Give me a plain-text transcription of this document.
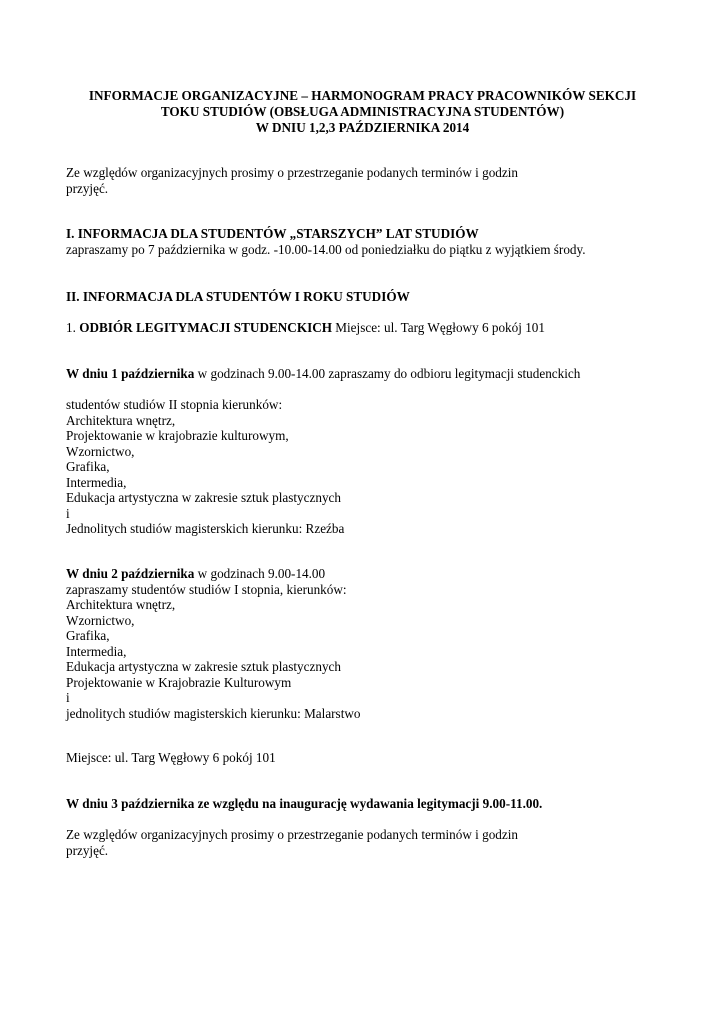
INFORMACJE ORGANIZACYJNE – HARMONOGRAM PRACY PRACOWNIKÓW SEKCJI
TOKU STUDIÓW (OBSŁUGA ADMINISTRACYJNA STUDENTÓW)
W DNIU 1,2,3 PAŹDZIERNIKA 2014
Ze względów organizacyjnych prosimy o przestrzeganie podanych terminów i godzin
przyjęć.
I. INFORMACJA DLA STUDENTÓW „STARSZYCH” LAT STUDIÓW
zapraszamy po 7 października w godz. -10.00-14.00 od poniedziałku do piątku z wyjątkiem środy.
II. INFORMACJA DLA STUDENTÓW I ROKU STUDIÓW
1. ODBIÓR LEGITYMACJI STUDENCKICH Miejsce: ul. Targ Węgłowy 6 pokój 101
W dniu 1 października w godzinach 9.00-14.00 zapraszamy do odbioru legitymacji studenckich
studentów studiów II stopnia kierunków:
Architektura wnętrz,
Projektowanie w krajobrazie kulturowym,
Wzornictwo,
Grafika,
Intermedia,
Edukacja artystyczna w zakresie sztuk plastycznych
i
Jednolitych studiów magisterskich kierunku: Rzeźba
W dniu 2 października w godzinach 9.00-14.00
zapraszamy studentów studiów I stopnia, kierunków:
Architektura wnętrz,
Wzornictwo,
Grafika,
Intermedia,
Edukacja artystyczna w zakresie sztuk plastycznych
Projektowanie w Krajobrazie Kulturowym
i
jednolitych studiów magisterskich kierunku: Malarstwo
Miejsce: ul. Targ Węgłowy 6 pokój 101
W dniu 3 października ze względu na inaugurację wydawania legitymacji 9.00-11.00.
Ze względów organizacyjnych prosimy o przestrzeganie podanych terminów i godzin
przyjęć.
